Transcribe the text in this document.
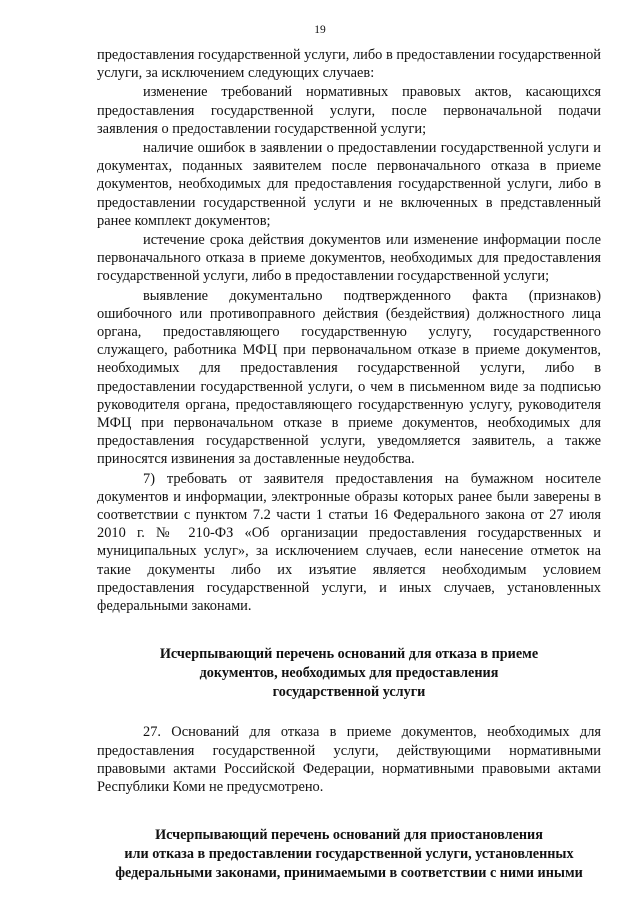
19

предоставления государственной услуги, либо в предоставлении государственной услуги, за исключением следующих случаев:

изменение требований нормативных правовых актов, касающихся предоставления государственной услуги, после первоначальной подачи заявления о предоставлении государственной услуги;

наличие ошибок в заявлении о предоставлении государственной услуги и документах, поданных заявителем после первоначального отказа в приеме документов, необходимых для предоставления государственной услуги, либо в предоставлении государственной услуги и не включенных в представленный ранее комплект документов;

истечение срока действия документов или изменение информации после первоначального отказа в приеме документов, необходимых для предоставления государственной услуги, либо в предоставлении государственной услуги;

выявление документально подтвержденного факта (признаков) ошибочного или противоправного действия (бездействия) должностного лица органа, предоставляющего государственную услугу, государственного служащего, работника МФЦ при первоначальном отказе в приеме документов, необходимых для предоставления государственной услуги, либо в предоставлении государственной услуги, о чем в письменном виде за подписью руководителя органа, предоставляющего государственную услугу, руководителя МФЦ при первоначальном отказе в приеме документов, необходимых для предоставления государственной услуги, уведомляется заявитель, а также приносятся извинения за доставленные неудобства.

7) требовать от заявителя предоставления на бумажном носителе документов и информации, электронные образы которых ранее были заверены в соответствии с пунктом 7.2 части 1 статьи 16 Федерального закона от 27 июля 2010 г. № 210-ФЗ «Об организации предоставления государственных и муниципальных услуг», за исключением случаев, если нанесение отметок на такие документы либо их изъятие является необходимым условием предоставления государственной услуги, и иных случаев, установленных федеральными законами.

Исчерпывающий перечень оснований для отказа в приеме
документов, необходимых для предоставления
государственной услуги

27. Оснований для отказа в приеме документов, необходимых для предоставления государственной услуги, действующими нормативными правовыми актами Российской Федерации, нормативными правовыми актами Республики Коми не предусмотрено.

Исчерпывающий перечень оснований для приостановления
или отказа в предоставлении государственной услуги, установленных
федеральными законами, принимаемыми в соответствии с ними иными
